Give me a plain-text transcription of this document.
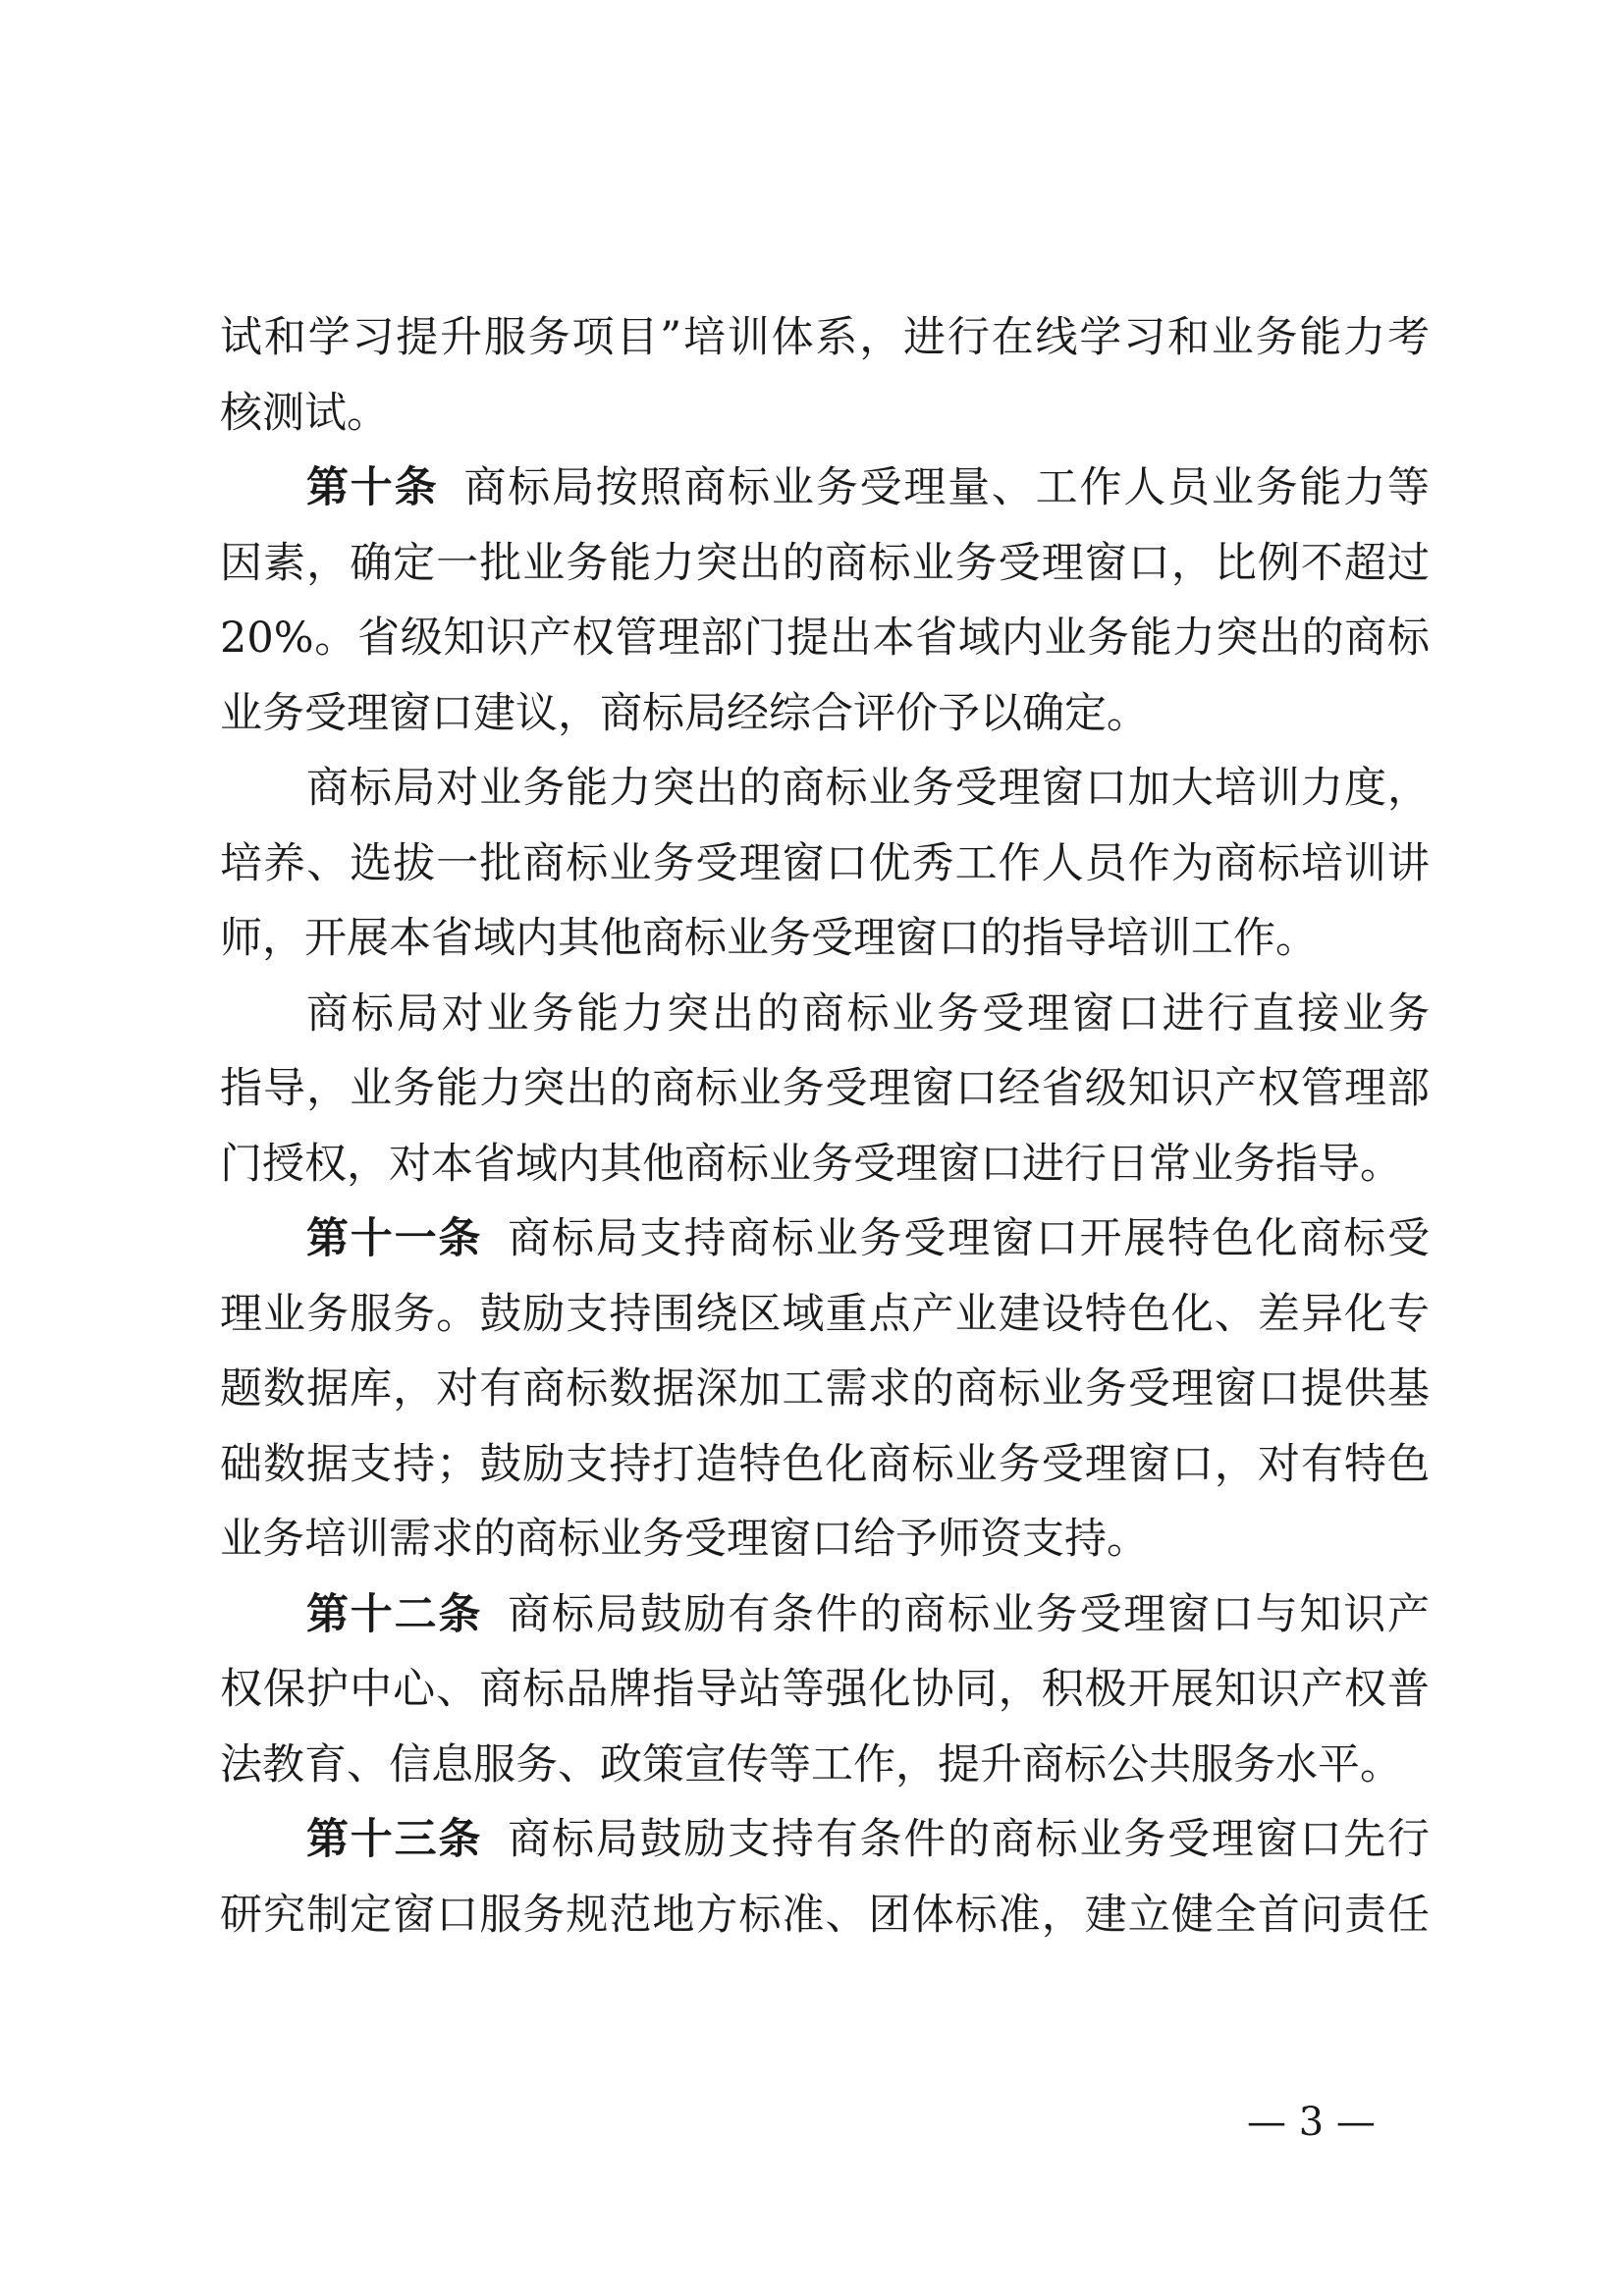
试和学习提升服务项目”培训体系，进行在线学习和业务能力考
核测试。
第十条 商标局按照商标业务受理量、工作人员业务能力等
因素，确定一批业务能力突出的商标业务受理窗口，比例不超过
20%。省级知识产权管理部门提出本省域内业务能力突出的商标
业务受理窗口建议，商标局经综合评价予以确定。
商标局对业务能力突出的商标业务受理窗口加大培训力度，
培养、选拔一批商标业务受理窗口优秀工作人员作为商标培训讲
师，开展本省域内其他商标业务受理窗口的指导培训工作。
商标局对业务能力突出的商标业务受理窗口进行直接业务
指导，业务能力突出的商标业务受理窗口经省级知识产权管理部
门授权，对本省域内其他商标业务受理窗口进行日常业务指导。
第十一条 商标局支持商标业务受理窗口开展特色化商标受
理业务服务。鼓励支持围绕区域重点产业建设特色化、差异化专
题数据库，对有商标数据深加工需求的商标业务受理窗口提供基
础数据支持；鼓励支持打造特色化商标业务受理窗口，对有特色
业务培训需求的商标业务受理窗口给予师资支持。
第十二条 商标局鼓励有条件的商标业务受理窗口与知识产
权保护中心、商标品牌指导站等强化协同，积极开展知识产权普
法教育、信息服务、政策宣传等工作，提升商标公共服务水平。
第十三条 商标局鼓励支持有条件的商标业务受理窗口先行
研究制定窗口服务规范地方标准、团体标准，建立健全首问责任
— 3 —
